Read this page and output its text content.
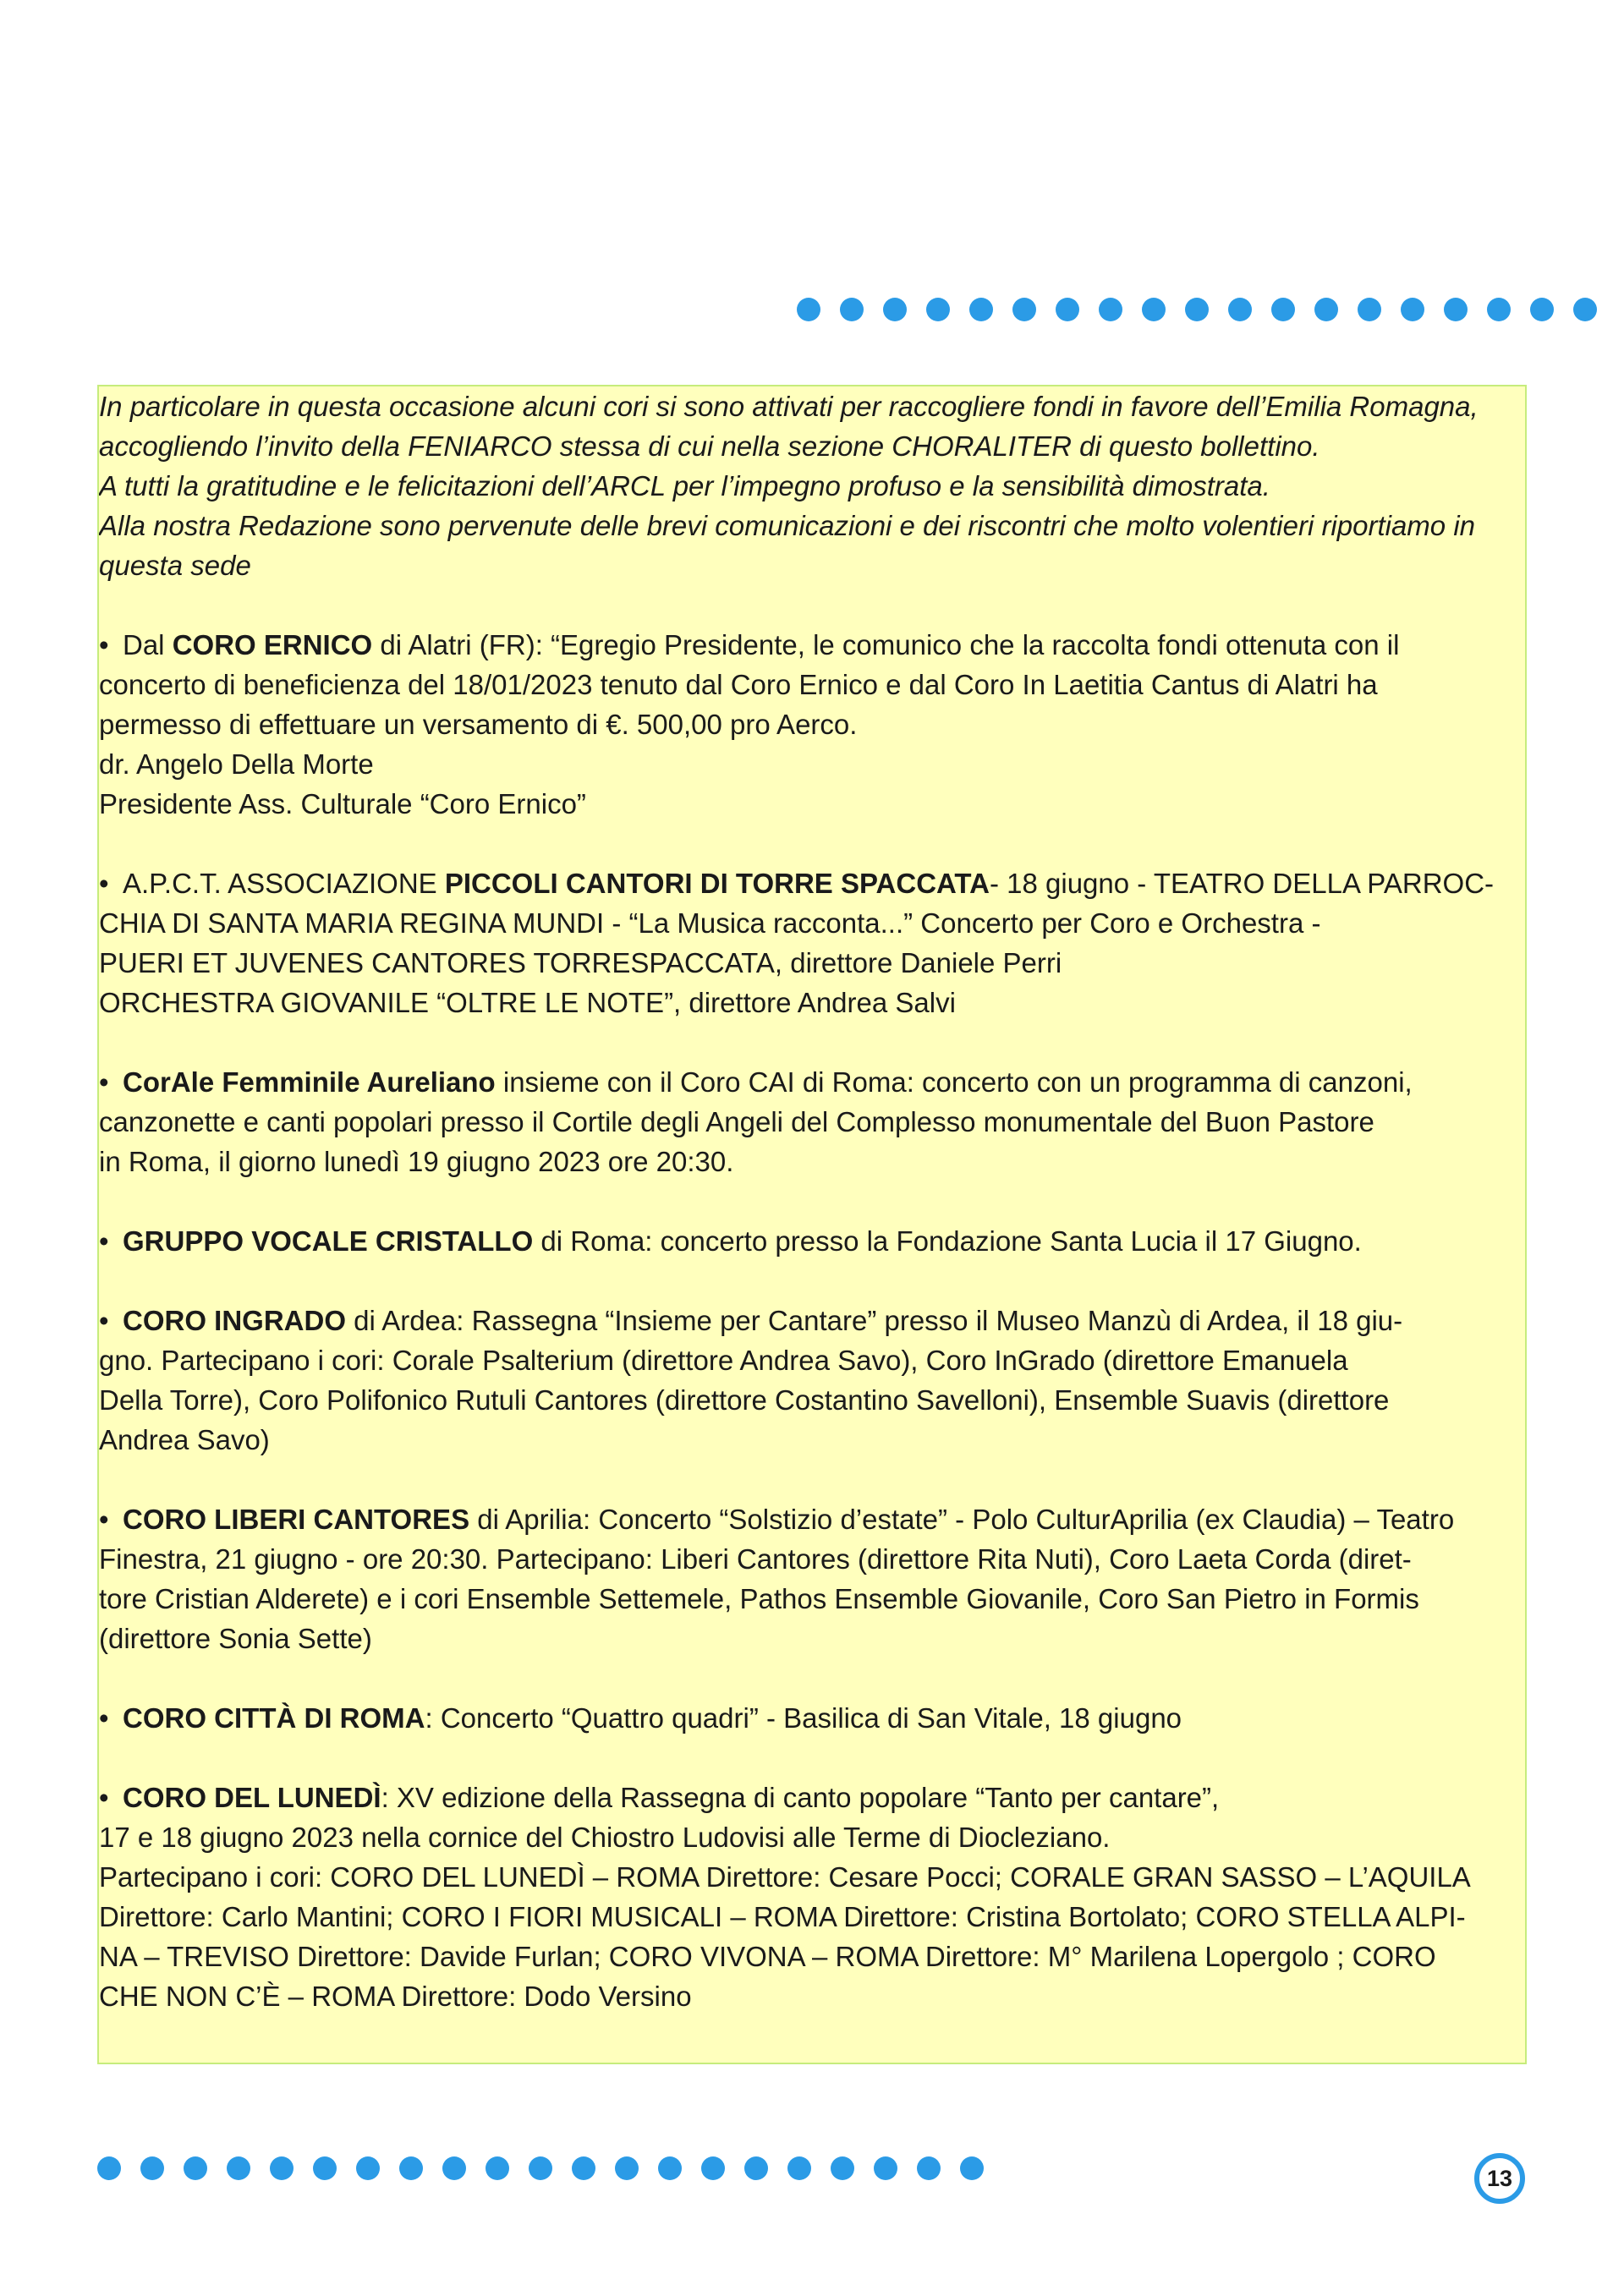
In particolare in questa occasione alcuni cori si sono attivati per raccogliere fondi in favore dell’Emilia Romagna,

accogliendo l’invito della FENIARCO stessa di cui nella sezione CHORALITER di questo bollettino.

A tutti la gratitudine e le felicitazioni dell’ARCL per l’impegno profuso e la sensibilità dimostrata.

Alla nostra Redazione sono pervenute delle brevi comunicazioni e dei riscontri che molto volentieri riportiamo in

questa sede

• Dal CORO ERNICO di Alatri (FR): “Egregio Presidente, le comunico che la raccolta fondi ottenuta con il

concerto di beneficienza del 18/01/2023 tenuto dal Coro Ernico e dal Coro In Laetitia Cantus di Alatri ha

permesso di effettuare un versamento di €. 500,00 pro Aerco.

dr. Angelo Della Morte

Presidente Ass. Culturale “Coro Ernico”

• A.P.C.T. ASSOCIAZIONE PICCOLI CANTORI DI TORRE SPACCATA- 18 giugno - TEATRO DELLA PARROC-

CHIA DI SANTA MARIA REGINA MUNDI - “La Musica racconta...” Concerto per Coro e Orchestra -

PUERI ET JUVENES CANTORES TORRESPACCATA, direttore Daniele Perri

ORCHESTRA GIOVANILE “OLTRE LE NOTE”, direttore Andrea Salvi

• CorAle Femminile Aureliano insieme con il Coro CAI di Roma: concerto con un programma di canzoni,

canzonette e canti popolari presso il Cortile degli Angeli del Complesso monumentale del Buon Pastore

in Roma, il giorno lunedì 19 giugno 2023 ore 20:30.

• GRUPPO VOCALE CRISTALLO di Roma: concerto presso la Fondazione Santa Lucia il 17 Giugno.

• CORO INGRADO di Ardea: Rassegna “Insieme per Cantare” presso il Museo Manzù di Ardea, il 18 giu-

gno. Partecipano i cori: Corale Psalterium (direttore Andrea Savo), Coro InGrado (direttore Emanuela

Della Torre), Coro Polifonico Rutuli Cantores (direttore Costantino Savelloni), Ensemble Suavis (direttore

Andrea Savo)

• CORO LIBERI CANTORES di Aprilia: Concerto “Solstizio d’estate” - Polo CulturAprilia (ex Claudia) – Teatro

Finestra, 21 giugno - ore 20:30. Partecipano: Liberi Cantores (direttore Rita Nuti), Coro Laeta Corda (diret-

tore Cristian Alderete) e i cori Ensemble Settemele, Pathos Ensemble Giovanile, Coro San Pietro in Formis

(direttore Sonia Sette)

• CORO CITTÀ DI ROMA: Concerto “Quattro quadri” - Basilica di San Vitale, 18 giugno

• CORO DEL LUNEDÌ: XV edizione della Rassegna di canto popolare “Tanto per cantare”,

17 e 18 giugno 2023 nella cornice del Chiostro Ludovisi alle Terme di Diocleziano.

Partecipano i cori: CORO DEL LUNEDÌ – ROMA Direttore: Cesare Pocci; CORALE GRAN SASSO – L’AQUILA

Direttore: Carlo Mantini; CORO I FIORI MUSICALI – ROMA Direttore: Cristina Bortolato; CORO STELLA ALPI-

NA – TREVISO Direttore: Davide Furlan; CORO VIVONA – ROMA Direttore: M° Marilena Lopergolo ; CORO

CHE NON C’È – ROMA Direttore: Dodo Versino

13
